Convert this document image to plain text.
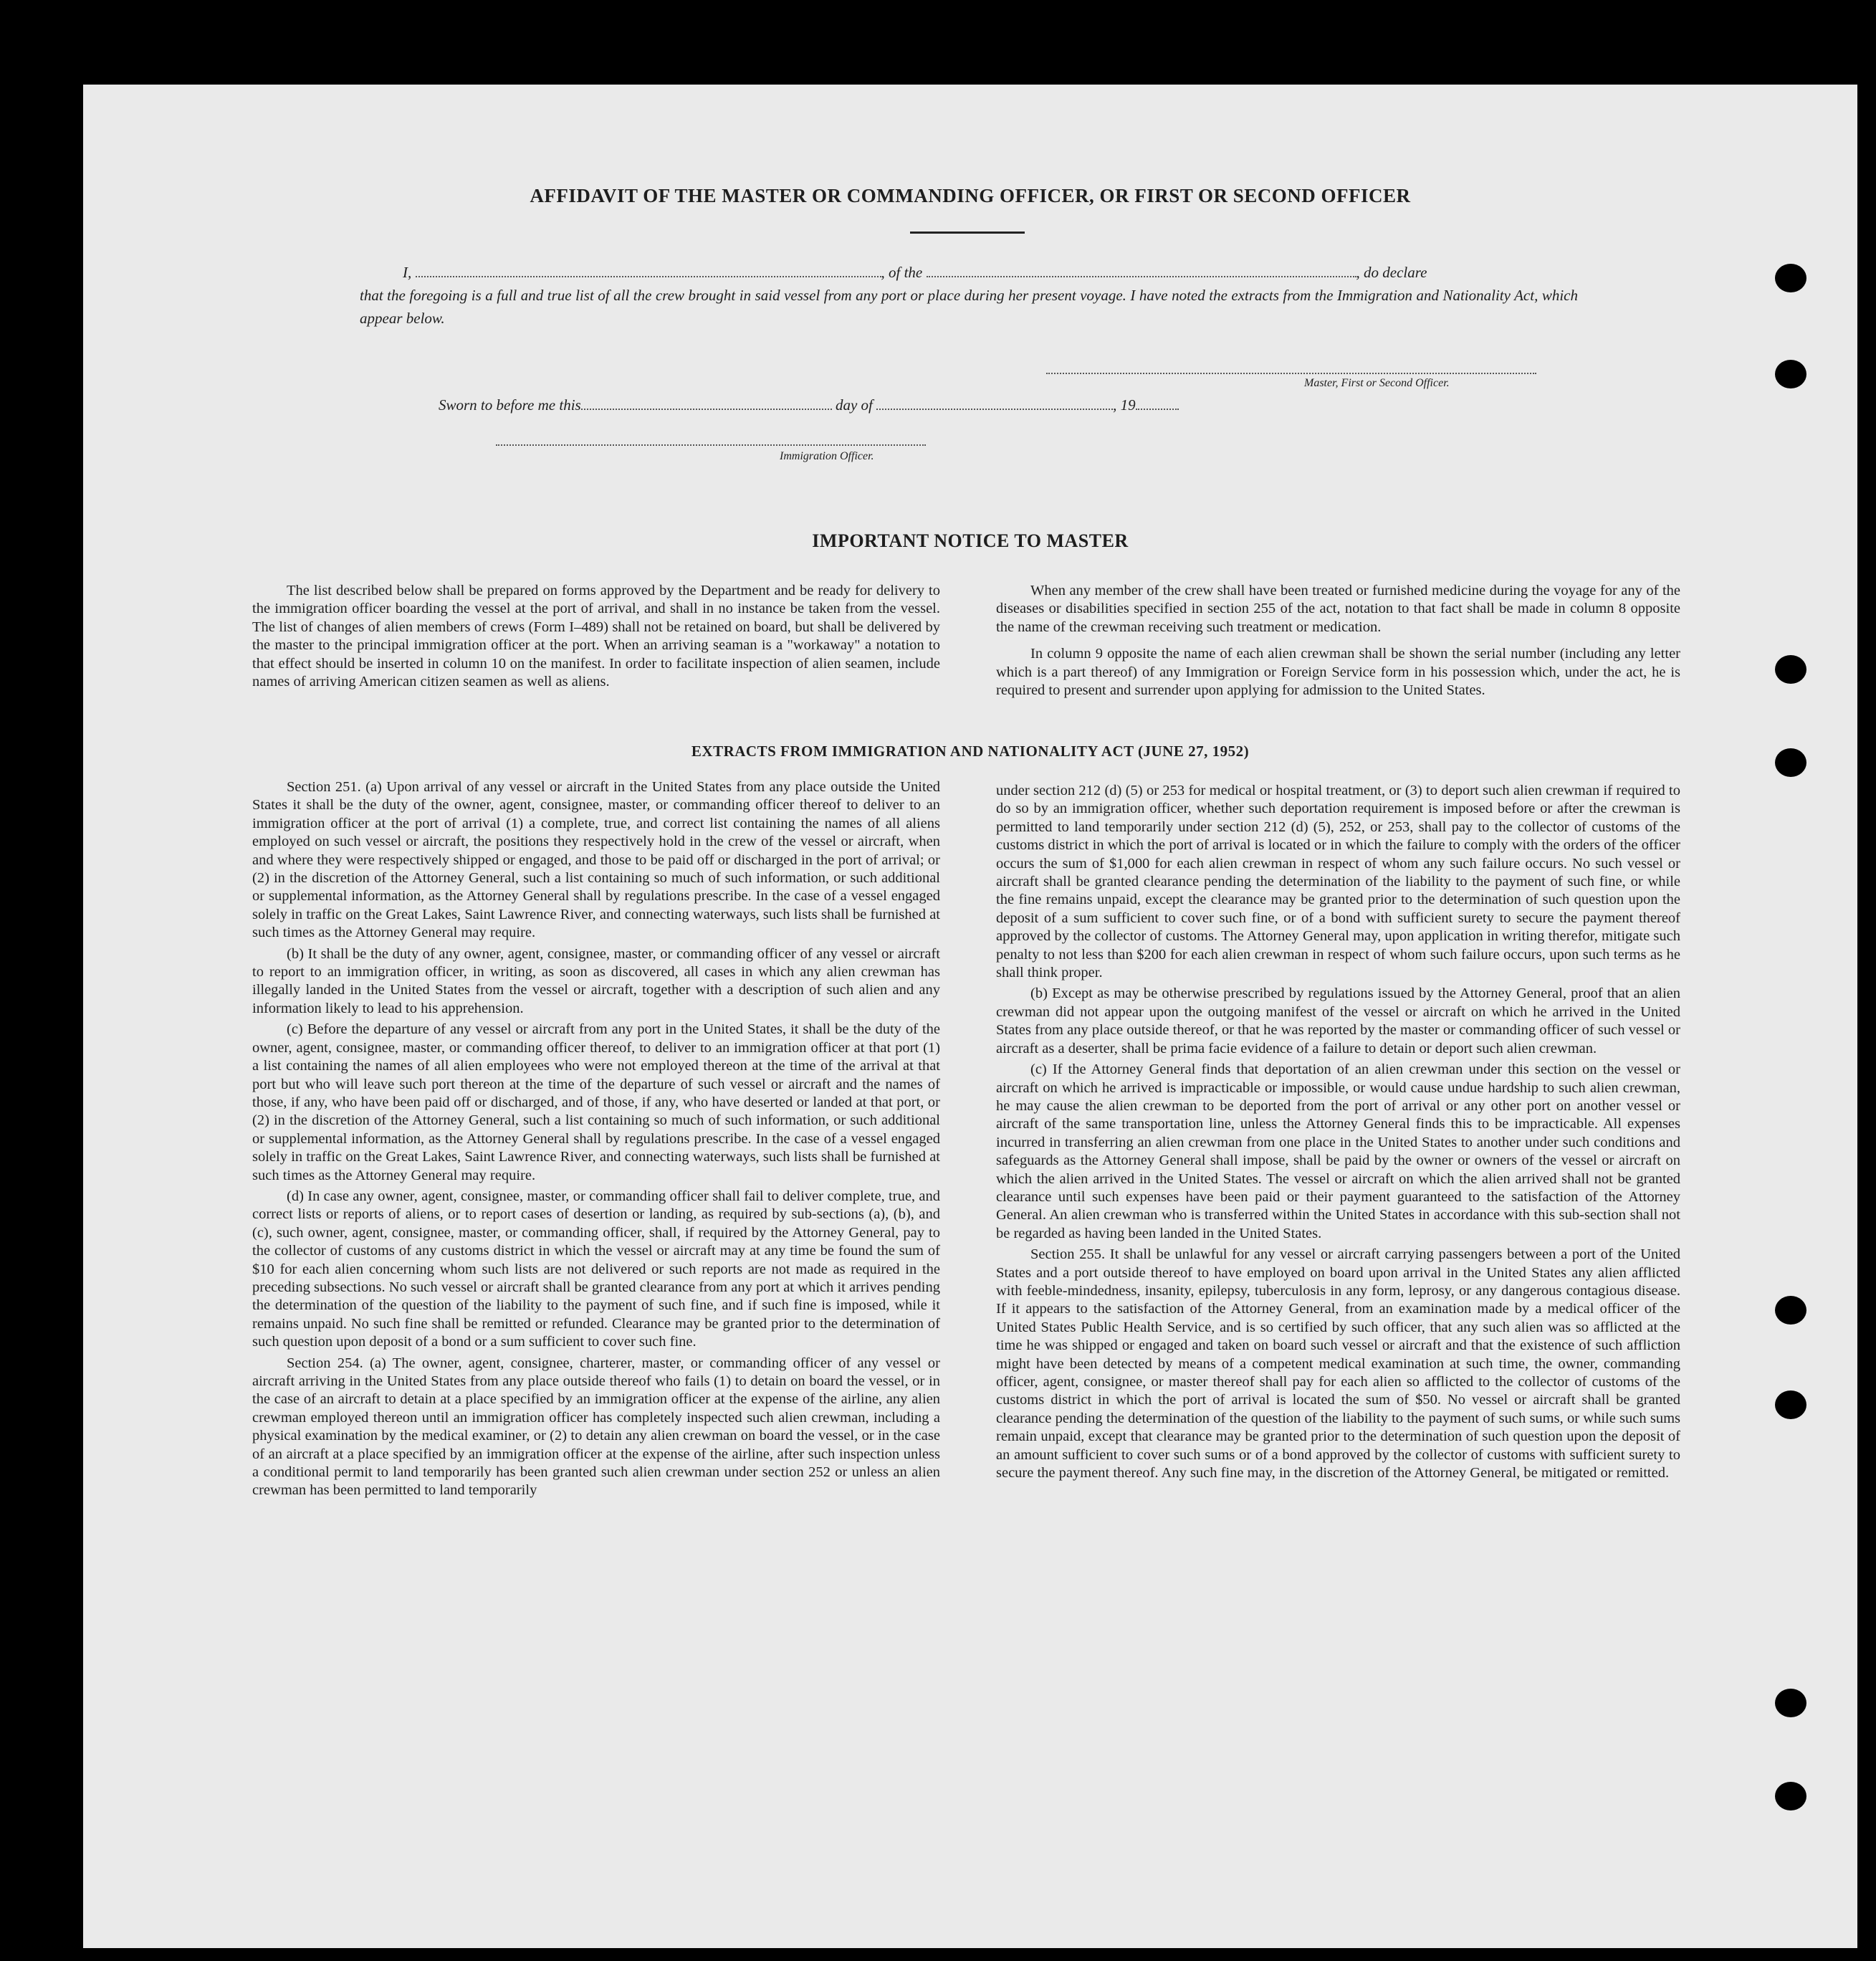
AFFIDAVIT OF THE MASTER OR COMMANDING OFFICER, OR FIRST OR SECOND OFFICER
I,	, of the	, do declare
that the foregoing is a full and true list of all the crew brought in said vessel from any port or place during her present voyage. I have noted the extracts from the Immigration and Nationality Act, which appear below.
Master, First or Second Officer.
Sworn to before me this	day of	, 19
Immigration Officer.
IMPORTANT NOTICE TO MASTER

The list described below shall be prepared on forms approved by the Department and be ready for delivery to the immigration officer boarding the vessel at the port of arrival, and shall in no instance be taken from the vessel. The list of changes of alien members of crews (Form I–489) shall not be retained on board, but shall be delivered by the master to the principal immigration officer at the port. When an arriving seaman is a "workaway" a notation to that effect should be inserted in column 10 on the manifest. In order to facilitate inspection of alien seamen, include names of arriving American citizen seamen as well as aliens.

When any member of the crew shall have been treated or furnished medicine during the voyage for any of the diseases or disabilities specified in section 255 of the act, notation to that fact shall be made in column 8 opposite the name of the crewman receiving such treatment or medication.

In column 9 opposite the name of each alien crewman shall be shown the serial number (including any letter which is a part thereof) of any Immigration or Foreign Service form in his possession which, under the act, he is required to present and surrender upon applying for admission to the United States.

EXTRACTS FROM IMMIGRATION AND NATIONALITY ACT (JUNE 27, 1952)

Section 251. (a) Upon arrival of any vessel or aircraft in the United States from any place outside the United States it shall be the duty of the owner, agent, consignee, master, or commanding officer thereof to deliver to an immigration officer at the port of arrival (1) a complete, true, and correct list containing the names of all aliens employed on such vessel or aircraft, the positions they respectively hold in the crew of the vessel or aircraft, when and where they were respectively shipped or engaged, and those to be paid off or discharged in the port of arrival; or (2) in the discretion of the Attorney General, such a list containing so much of such information, or such additional or supplemental information, as the Attorney General shall by regulations prescribe. In the case of a vessel engaged solely in traffic on the Great Lakes, Saint Lawrence River, and connecting waterways, such lists shall be furnished at such times as the Attorney General may require.

(b) It shall be the duty of any owner, agent, consignee, master, or commanding officer of any vessel or aircraft to report to an immigration officer, in writing, as soon as discovered, all cases in which any alien crewman has illegally landed in the United States from the vessel or aircraft, together with a description of such alien and any information likely to lead to his apprehension.

(c) Before the departure of any vessel or aircraft from any port in the United States, it shall be the duty of the owner, agent, consignee, master, or commanding officer thereof, to deliver to an immigration officer at that port (1) a list containing the names of all alien employees who were not employed thereon at the time of the arrival at that port but who will leave such port thereon at the time of the departure of such vessel or aircraft and the names of those, if any, who have been paid off or discharged, and of those, if any, who have deserted or landed at that port, or (2) in the discretion of the Attorney General, such a list containing so much of such information, or such additional or supplemental information, as the Attorney General shall by regulations prescribe. In the case of a vessel engaged solely in traffic on the Great Lakes, Saint Lawrence River, and connecting waterways, such lists shall be furnished at such times as the Attorney General may require.

(d) In case any owner, agent, consignee, master, or commanding officer shall fail to deliver complete, true, and correct lists or reports of aliens, or to report cases of desertion or landing, as required by sub-sections (a), (b), and (c), such owner, agent, consignee, master, or commanding officer, shall, if required by the Attorney General, pay to the collector of customs of any customs district in which the vessel or aircraft may at any time be found the sum of $10 for each alien concerning whom such lists are not delivered or such reports are not made as required in the preceding subsections. No such vessel or aircraft shall be granted clearance from any port at which it arrives pending the determination of the question of the liability to the payment of such fine, and if such fine is imposed, while it remains unpaid. No such fine shall be remitted or refunded. Clearance may be granted prior to the determination of such question upon deposit of a bond or a sum sufficient to cover such fine.

Section 254. (a) The owner, agent, consignee, charterer, master, or commanding officer of any vessel or aircraft arriving in the United States from any place outside thereof who fails (1) to detain on board the vessel, or in the case of an aircraft to detain at a place specified by an immigration officer at the expense of the airline, any alien crewman employed thereon until an immigration officer has completely inspected such alien crewman, including a physical examination by the medical examiner, or (2) to detain any alien crewman on board the vessel, or in the case of an aircraft at a place specified by an immigration officer at the expense of the airline, after such inspection unless a conditional permit to land temporarily has been granted such alien crewman under section 252 or unless an alien crewman has been permitted to land temporarily

under section 212 (d) (5) or 253 for medical or hospital treatment, or (3) to deport such alien crewman if required to do so by an immigration officer, whether such deportation requirement is imposed before or after the crewman is permitted to land temporarily under section 212 (d) (5), 252, or 253, shall pay to the collector of customs of the customs district in which the port of arrival is located or in which the failure to comply with the orders of the officer occurs the sum of $1,000 for each alien crewman in respect of whom any such failure occurs. No such vessel or aircraft shall be granted clearance pending the determination of the liability to the payment of such fine, or while the fine remains unpaid, except the clearance may be granted prior to the determination of such question upon the deposit of a sum sufficient to cover such fine, or of a bond with sufficient surety to secure the payment thereof approved by the collector of customs. The Attorney General may, upon application in writing therefor, mitigate such penalty to not less than $200 for each alien crewman in respect of whom such failure occurs, upon such terms as he shall think proper.

(b) Except as may be otherwise prescribed by regulations issued by the Attorney General, proof that an alien crewman did not appear upon the outgoing manifest of the vessel or aircraft on which he arrived in the United States from any place outside thereof, or that he was reported by the master or commanding officer of such vessel or aircraft as a deserter, shall be prima facie evidence of a failure to detain or deport such alien crewman.

(c) If the Attorney General finds that deportation of an alien crewman under this section on the vessel or aircraft on which he arrived is impracticable or impossible, or would cause undue hardship to such alien crewman, he may cause the alien crewman to be deported from the port of arrival or any other port on another vessel or aircraft of the same transportation line, unless the Attorney General finds this to be impracticable. All expenses incurred in transferring an alien crewman from one place in the United States to another under such conditions and safeguards as the Attorney General shall impose, shall be paid by the owner or owners of the vessel or aircraft on which the alien arrived in the United States. The vessel or aircraft on which the alien arrived shall not be granted clearance until such expenses have been paid or their payment guaranteed to the satisfaction of the Attorney General. An alien crewman who is transferred within the United States in accordance with this sub-section shall not be regarded as having been landed in the United States.

Section 255. It shall be unlawful for any vessel or aircraft carrying passengers between a port of the United States and a port outside thereof to have employed on board upon arrival in the United States any alien afflicted with feeble-mindedness, insanity, epilepsy, tuberculosis in any form, leprosy, or any dangerous contagious disease. If it appears to the satisfaction of the Attorney General, from an examination made by a medical officer of the United States Public Health Service, and is so certified by such officer, that any such alien was so afflicted at the time he was shipped or engaged and taken on board such vessel or aircraft and that the existence of such affliction might have been detected by means of a competent medical examination at such time, the owner, commanding officer, agent, consignee, or master thereof shall pay for each alien so afflicted to the collector of customs of the customs district in which the port of arrival is located the sum of $50. No vessel or aircraft shall be granted clearance pending the determination of the question of the liability to the payment of such sums, or while such sums remain unpaid, except that clearance may be granted prior to the determination of such question upon the deposit of an amount sufficient to cover such sums or of a bond approved by the collector of customs with sufficient surety to secure the payment thereof. Any such fine may, in the discretion of the Attorney General, be mitigated or remitted.
